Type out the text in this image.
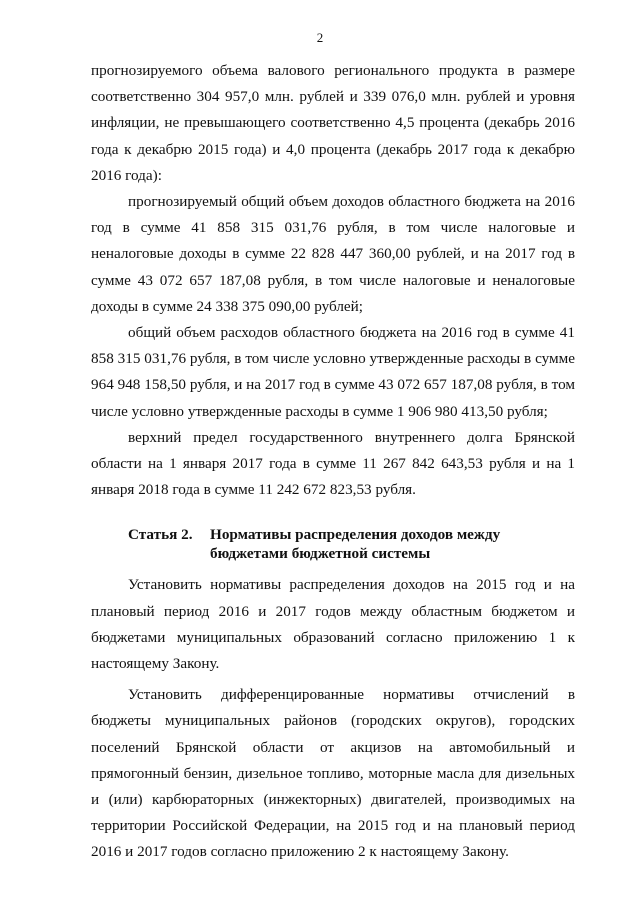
2

прогнозируемого объема валового регионального продукта в размере соответственно 304 957,0 млн. рублей и 339 076,0 млн. рублей и уровня инфляции, не превышающего соответственно 4,5 процента (декабрь 2016 года к декабрю 2015 года) и 4,0 процента (декабрь 2017 года к декабрю 2016 года):

прогнозируемый общий объем доходов областного бюджета на 2016 год в сумме 41 858 315 031,76 рубля, в том числе налоговые и неналоговые доходы в сумме 22 828 447 360,00 рублей, и на 2017 год в сумме 43 072 657 187,08 рубля, в том числе налоговые и неналоговые доходы в сумме 24 338 375 090,00 рублей;

общий объем расходов областного бюджета на 2016 год в сумме 41 858 315 031,76 рубля, в том числе условно утвержденные расходы в сумме 964 948 158,50 рубля, и на 2017 год в сумме 43 072 657 187,08 рубля, в том числе условно утвержденные расходы в сумме 1 906 980 413,50 рубля;

верхний предел государственного внутреннего долга Брянской области на 1 января 2017 года в сумме 11 267 842 643,53 рубля и на 1 января 2018 года в сумме 11 242 672 823,53 рубля.

Статья 2.	Нормативы распределения доходов между бюджетами бюджетной системы

Установить нормативы распределения доходов на 2015 год и на плановый период 2016 и 2017 годов между областным бюджетом и бюджетами муниципальных образований согласно приложению 1 к настоящему Закону.

Установить дифференцированные нормативы отчислений в бюджеты муниципальных районов (городских округов), городских поселений Брянской области от акцизов на автомобильный и прямогонный бензин, дизельное топливо, моторные масла для дизельных и (или) карбюраторных (инжекторных) двигателей, производимых на территории Российской Федерации, на 2015 год и на плановый период 2016 и 2017 годов согласно приложению 2 к настоящему Закону.
